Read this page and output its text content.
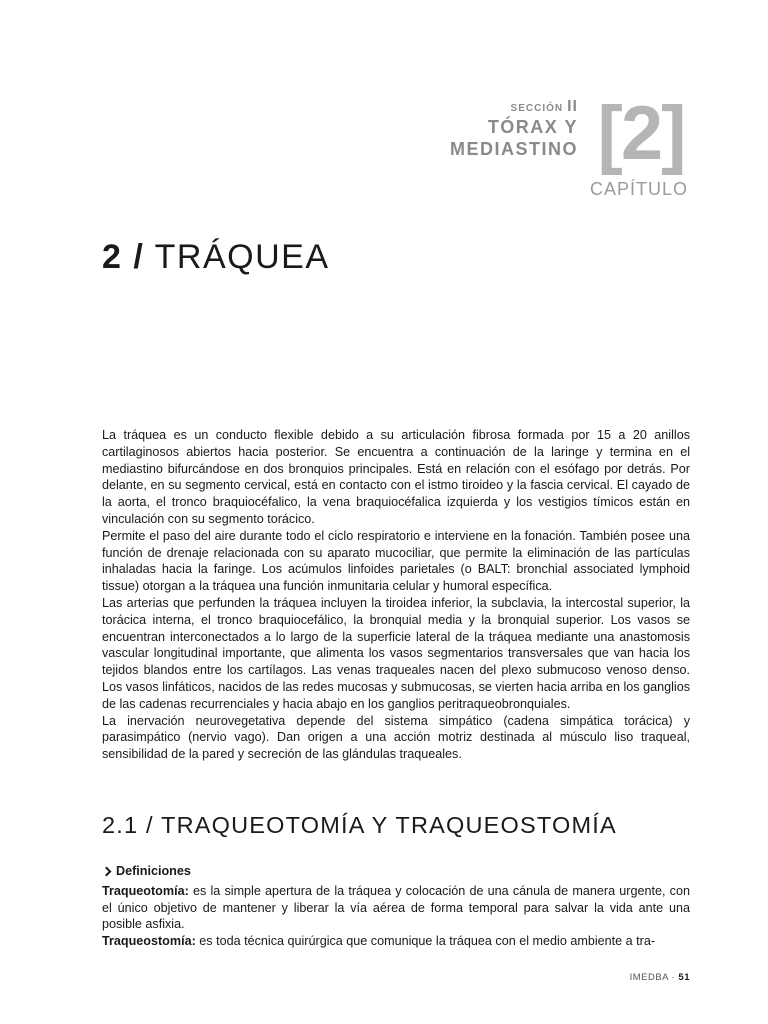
SECCIÓN II
TÓRAX Y
MEDIASTINO [2]
CAPÍTULO
2 / TRÁQUEA

La tráquea es un conducto flexible debido a su articulación fibrosa formada por 15 a 20 anillos cartilaginosos abiertos hacia posterior. Se encuentra a continuación de la laringe y termina en el mediastino bifurcándose en dos bronquios principales. Está en relación con el esófago por detrás. Por delante, en su segmento cervical, está en contacto con el istmo tiroideo y la fascia cervical. El cayado de la aorta, el tronco braquiocéfalico, la vena braquiocéfalica izquierda y los vestigios tímicos están en vinculación con su segmento torácico.

Permite el paso del aire durante todo el ciclo respiratorio e interviene en la fonación. También posee una función de drenaje relacionada con su aparato mucociliar, que permite la eliminación de las partículas inhaladas hacia la faringe. Los acúmulos linfoides parietales (o BALT: bronchial associated lymphoid tissue) otorgan a la tráquea una función inmunitaria celular y humoral específica.

Las arterias que perfunden la tráquea incluyen la tiroidea inferior, la subclavia, la intercostal superior, la torácica interna, el tronco braquiocefálico, la bronquial media y la bronquial superior. Los vasos se encuentran interconectados a lo largo de la superficie lateral de la tráquea mediante una anastomosis vascular longitudinal importante, que alimenta los vasos segmentarios transversales que van hacia los tejidos blandos entre los cartílagos. Las venas traqueales nacen del plexo submucoso venoso denso. Los vasos linfáticos, nacidos de las redes mucosas y submucosas, se vierten hacia arriba en los ganglios de las cadenas recurrenciales y hacia abajo en los ganglios peritraqueobronquiales.

La inervación neurovegetativa depende del sistema simpático (cadena simpática torácica) y parasimpático (nervio vago). Dan origen a una acción motriz destinada al músculo liso traqueal, sensibilidad de la pared y secreción de las glándulas traqueales.

2.1 / TRAQUEOTOMÍA Y TRAQUEOSTOMÍA
Definiciones

Traqueotomía: es la simple apertura de la tráquea y colocación de una cánula de manera urgente, con el único objetivo de mantener y liberar la vía aérea de forma temporal para salvar la vida ante una posible asfixia.

Traqueostomía: es toda técnica quirúrgica que comunique la tráquea con el medio ambiente a tra-

IMEDBA · 51
